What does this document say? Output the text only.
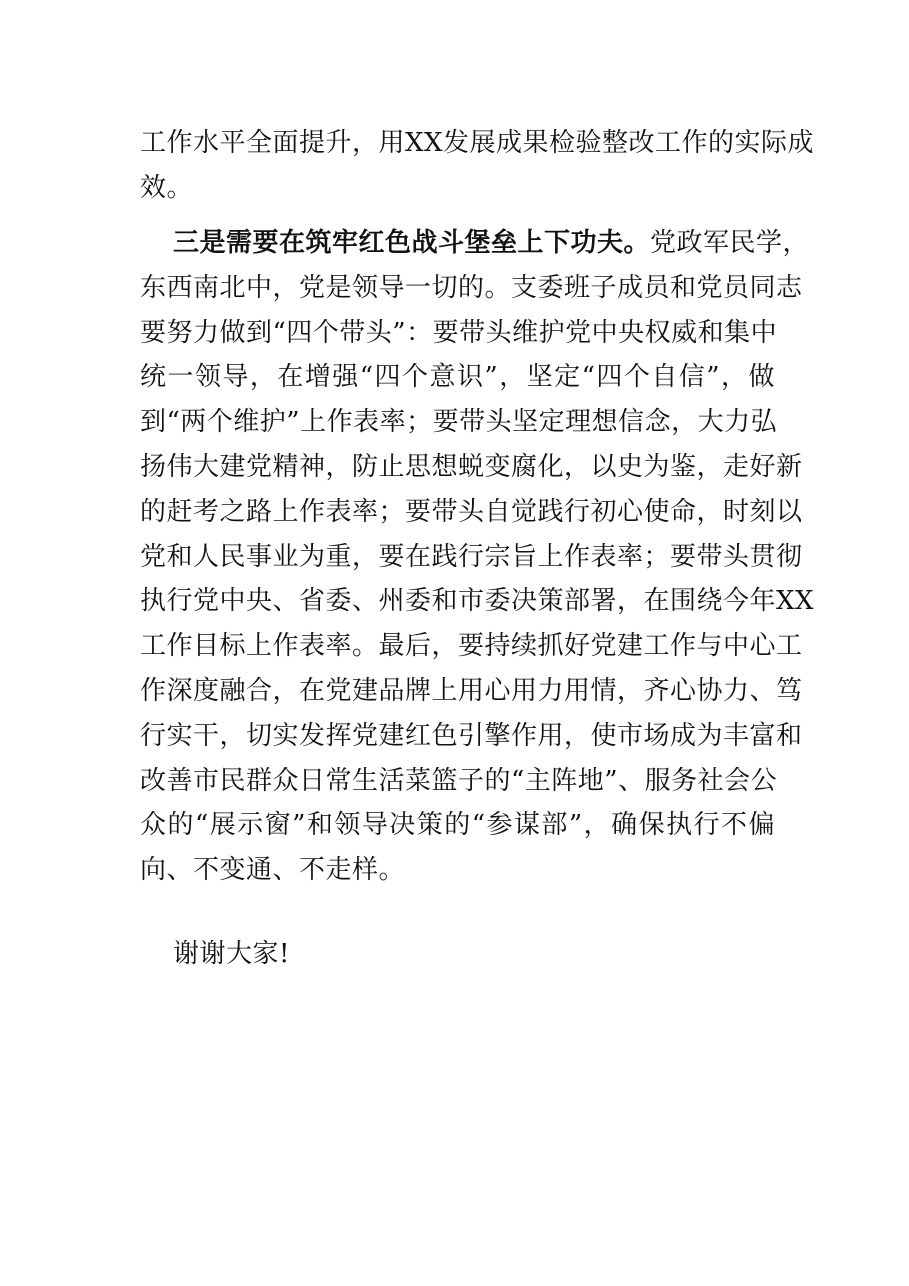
工作水平全面提升，用XX发展成果检验整改工作的实际成
效。
三是需要在筑牢红色战斗堡垒上下功夫。党政军民学，
东西南北中，党是领导一切的。支委班子成员和党员同志
要努力做到“四个带头”：要带头维护党中央权威和集中
统一领导，在增强“四个意识”，坚定“四个自信”，做
到“两个维护”上作表率；要带头坚定理想信念，大力弘
扬伟大建党精神，防止思想蜕变腐化，以史为鉴，走好新
的赶考之路上作表率；要带头自觉践行初心使命，时刻以
党和人民事业为重，要在践行宗旨上作表率；要带头贯彻
执行党中央、省委、州委和市委决策部署，在围绕今年XX
工作目标上作表率。最后，要持续抓好党建工作与中心工
作深度融合，在党建品牌上用心用力用情，齐心协力、笃
行实干，切实发挥党建红色引擎作用，使市场成为丰富和
改善市民群众日常生活菜篮子的“主阵地”、服务社会公
众的“展示窗”和领导决策的“参谋部”，确保执行不偏
向、不变通、不走样。
谢谢大家!
